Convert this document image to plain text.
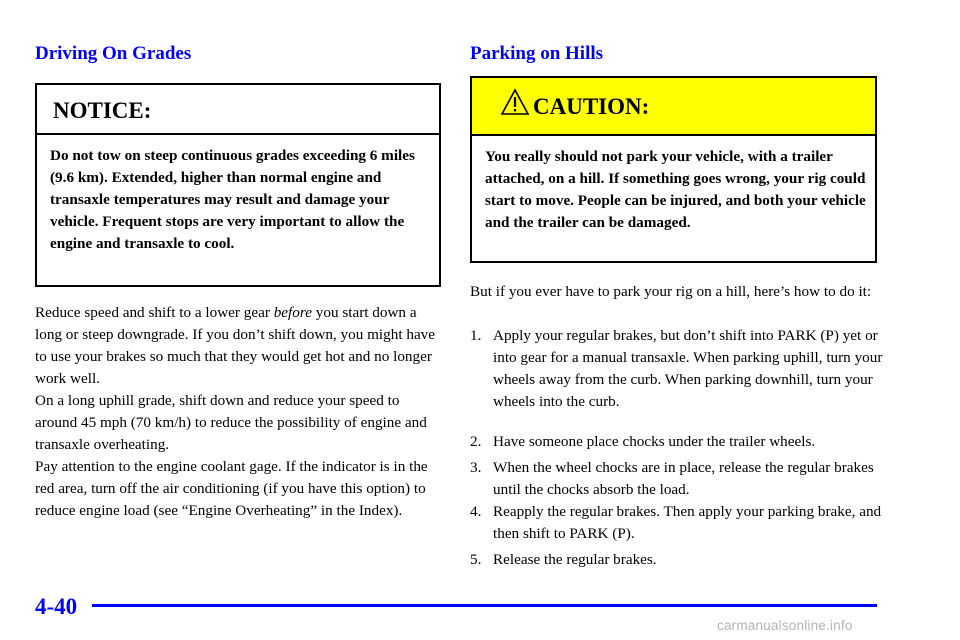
Driving On Grades
NOTICE:
Do not tow on steep continuous grades exceeding 6 miles (9.6 km). Extended, higher than normal engine and transaxle temperatures may result and damage your vehicle. Frequent stops are very important to allow the engine and transaxle to cool.

Reduce speed and shift to a lower gear before you start down a long or steep downgrade. If you don’t shift down, you might have to use your brakes so much that they would get hot and no longer work well.

On a long uphill grade, shift down and reduce your speed to around 45 mph (70 km/h) to reduce the possibility of engine and transaxle overheating.

Pay attention to the engine coolant gage. If the indicator is in the red area, turn off the air conditioning (if you have this option) to reduce engine load (see “Engine Overheating” in the Index).

Parking on Hills
CAUTION:
You really should not park your vehicle, with a trailer attached, on a hill. If something goes wrong, your rig could start to move. People can be injured, and both your vehicle and the trailer can be damaged.

But if you ever have to park your rig on a hill, here’s how to do it:

1. Apply your regular brakes, but don’t shift into PARK (P) yet or into gear for a manual transaxle. When parking uphill, turn your wheels away from the curb. When parking downhill, turn your wheels into the curb.
2. Have someone place chocks under the trailer wheels.
3. When the wheel chocks are in place, release the regular brakes until the chocks absorb the load.
4. Reapply the regular brakes. Then apply your parking brake, and then shift to PARK (P).
5. Release the regular brakes.
4-40
carmanualsonline.info
